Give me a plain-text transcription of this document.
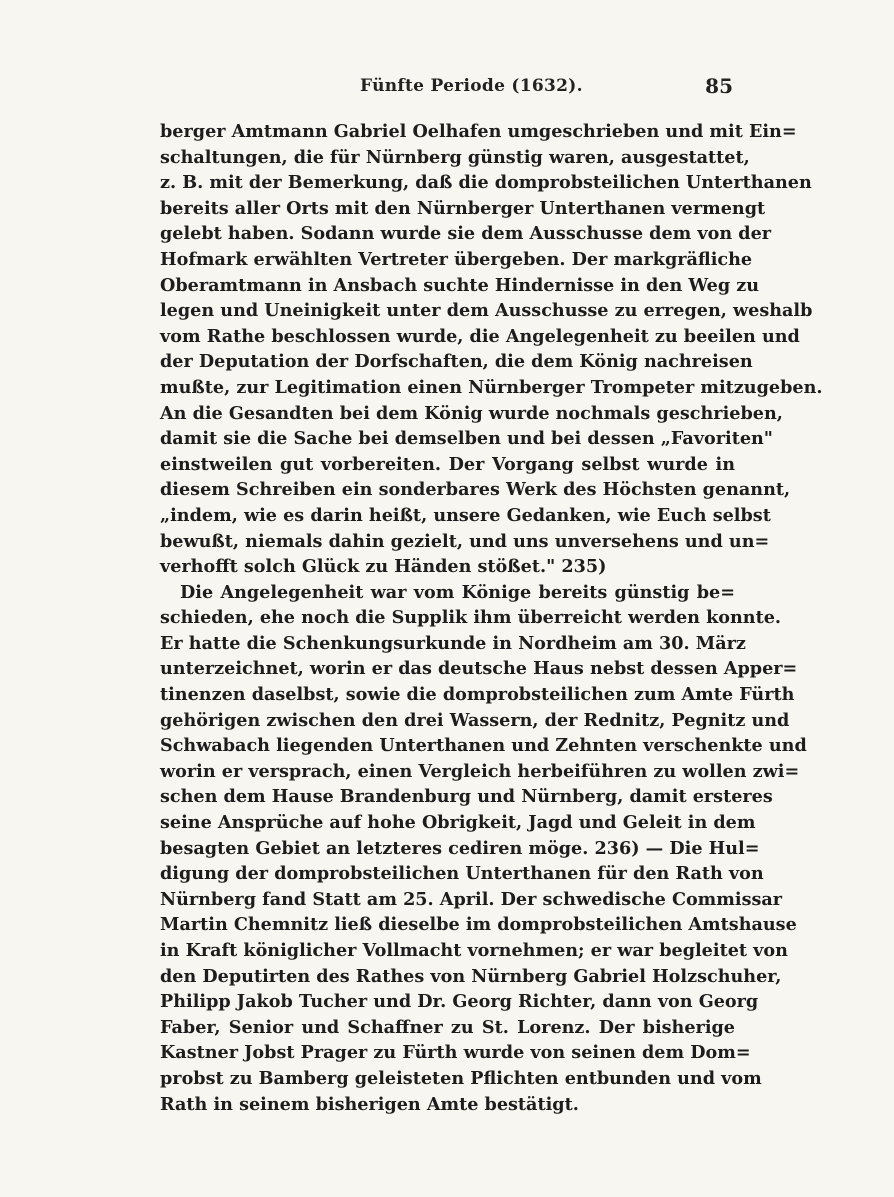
Fünfte Periode (1632).	85
berger Amtmann Gabriel Oelhafen umgeschrieben und mit Ein=
schaltungen, die für Nürnberg günstig waren, ausgestattet,
z. B. mit der Bemerkung, daß die domprobsteilichen Unterthanen
bereits aller Orts mit den Nürnberger Unterthanen vermengt
gelebt haben. Sodann wurde sie dem Ausschusse dem von der
Hofmark erwählten Vertreter übergeben. Der markgräfliche
Oberamtmann in Ansbach suchte Hindernisse in den Weg zu
legen und Uneinigkeit unter dem Ausschusse zu erregen, weshalb
vom Rathe beschlossen wurde, die Angelegenheit zu beeilen und
der Deputation der Dorfschaften, die dem König nachreisen
mußte, zur Legitimation einen Nürnberger Trompeter mitzugeben.
An die Gesandten bei dem König wurde nochmals geschrieben,
damit sie die Sache bei demselben und bei dessen „Favoriten"
einstweilen gut vorbereiten. Der Vorgang selbst wurde in
diesem Schreiben ein sonderbares Werk des Höchsten genannt,
„indem, wie es darin heißt, unsere Gedanken, wie Euch selbst
bewußt, niemals dahin gezielt, und uns unversehens und un=
verhofft solch Glück zu Händen stößet." 235)
Die Angelegenheit war vom Könige bereits günstig be=
schieden, ehe noch die Supplik ihm überreicht werden konnte.
Er hatte die Schenkungsurkunde in Nordheim am 30. März
unterzeichnet, worin er das deutsche Haus nebst dessen Apper=
tinenzen daselbst, sowie die domprobsteilichen zum Amte Fürth
gehörigen zwischen den drei Wassern, der Rednitz, Pegnitz und
Schwabach liegenden Unterthanen und Zehnten verschenkte und
worin er versprach, einen Vergleich herbeiführen zu wollen zwi=
schen dem Hause Brandenburg und Nürnberg, damit ersteres
seine Ansprüche auf hohe Obrigkeit, Jagd und Geleit in dem
besagten Gebiet an letzteres cediren möge. 236) — Die Hul=
digung der domprobsteilichen Unterthanen für den Rath von
Nürnberg fand Statt am 25. April. Der schwedische Commissar
Martin Chemnitz ließ dieselbe im domprobsteilichen Amtshause
in Kraft königlicher Vollmacht vornehmen; er war begleitet von
den Deputirten des Rathes von Nürnberg Gabriel Holzschuher,
Philipp Jakob Tucher und Dr. Georg Richter, dann von Georg
Faber, Senior und Schaffner zu St. Lorenz. Der bisherige
Kastner Jobst Prager zu Fürth wurde von seinen dem Dom=
probst zu Bamberg geleisteten Pflichten entbunden und vom
Rath in seinem bisherigen Amte bestätigt.
